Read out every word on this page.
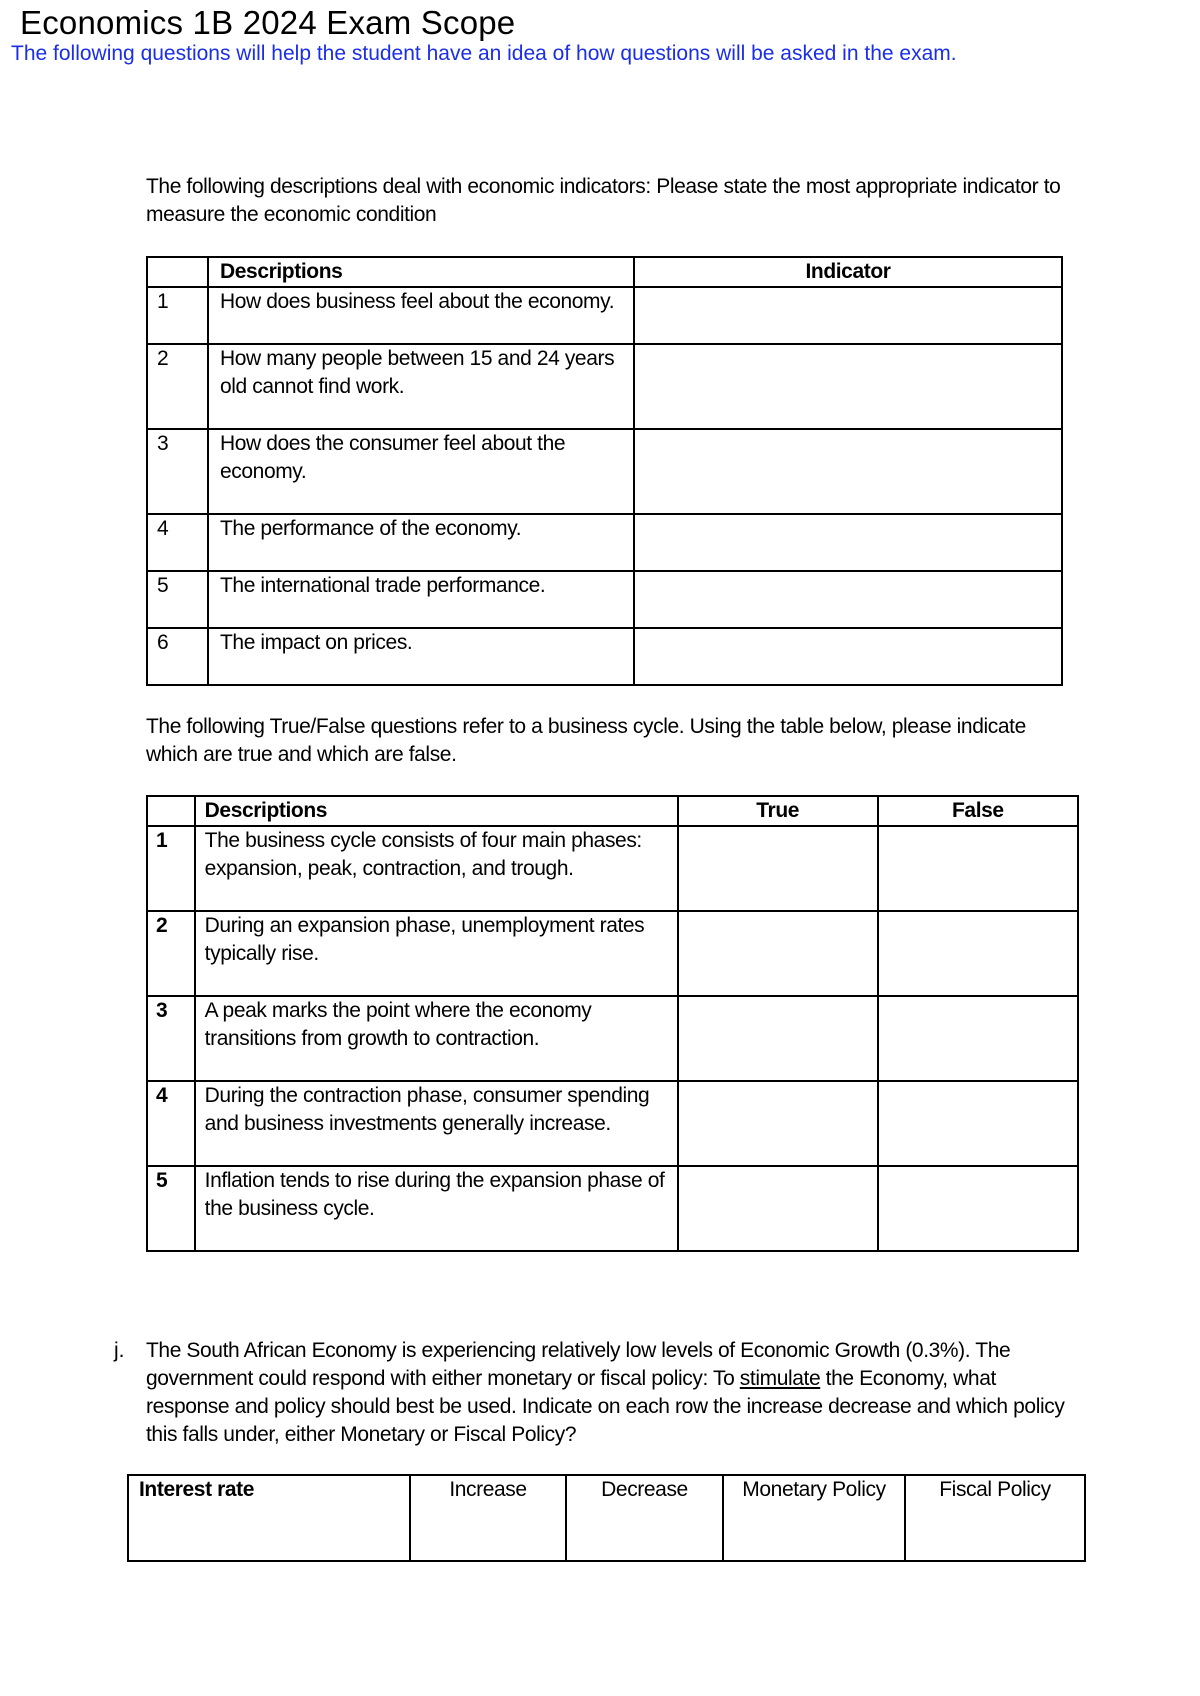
Economics 1B 2024 Exam Scope

The following questions will help the student have an idea of how questions will be asked in the exam.

The following descriptions deal with economic indicators: Please state the most appropriate indicator to
measure the economic condition
	Descriptions	Indicator
1	How does business feel about the economy.	

2	How many people between 15 and 24 years
old cannot find work.	

3	How does the consumer feel about the
economy.	

4	The performance of the economy.	

5	The international trade performance.	

6	The impact on prices.	

The following True/False questions refer to a business cycle. Using the table below, please indicate
which are true and which are false.
	Descriptions	True	False
1	The business cycle consists of four main phases:
expansion, peak, contraction, and trough.		

2	During an expansion phase, unemployment rates
typically rise.		

3	A peak marks the point where the economy
transitions from growth to contraction.		

4	During the contraction phase, consumer spending
and business investments generally increase.		

5	Inflation tends to rise during the expansion phase of
the business cycle.		

j. The South African Economy is experiencing relatively low levels of Economic Growth (0.3%). The
government could respond with either monetary or fiscal policy: To stimulate the Economy, what
response and policy should best be used. Indicate on each row the increase decrease and which policy
this falls under, either Monetary or Fiscal Policy?
Interest rate	Increase	Decrease	Monetary Policy	Fiscal Policy
